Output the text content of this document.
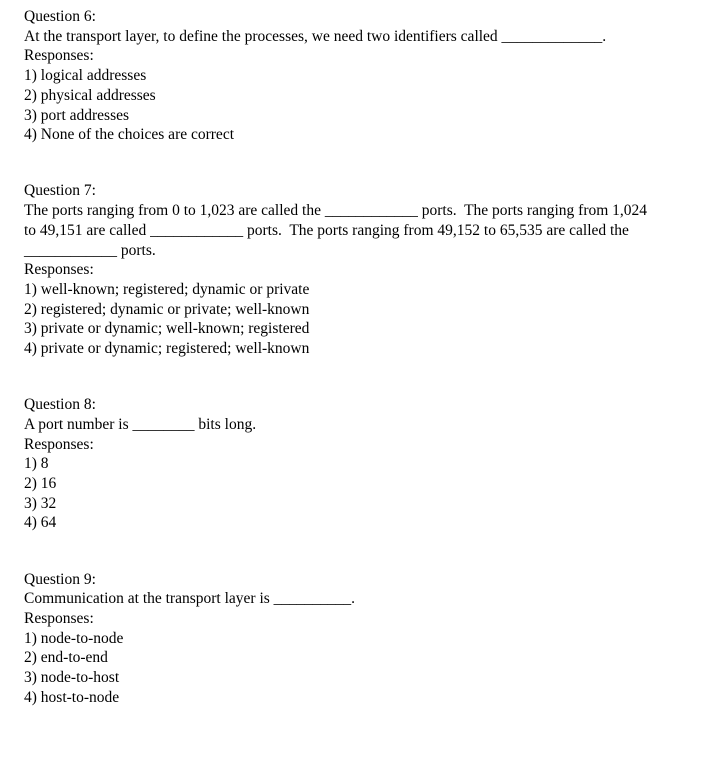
Question 6:
At the transport layer, to define the processes, we need two identifiers called _____________.
Responses:
1) logical addresses
2) physical addresses
3) port addresses
4) None of the choices are correct
Question 7:
The ports ranging from 0 to 1,023 are called the ____________ ports.  The ports ranging from 1,024
to 49,151 are called ____________ ports.  The ports ranging from 49,152 to 65,535 are called the
____________ ports.
Responses:
1) well-known; registered; dynamic or private
2) registered; dynamic or private; well-known
3) private or dynamic; well-known; registered
4) private or dynamic; registered; well-known
Question 8:
A port number is ________ bits long.
Responses:
1) 8
2) 16
3) 32
4) 64
Question 9:
Communication at the transport layer is __________.
Responses:
1) node-to-node
2) end-to-end
3) node-to-host
4) host-to-node
